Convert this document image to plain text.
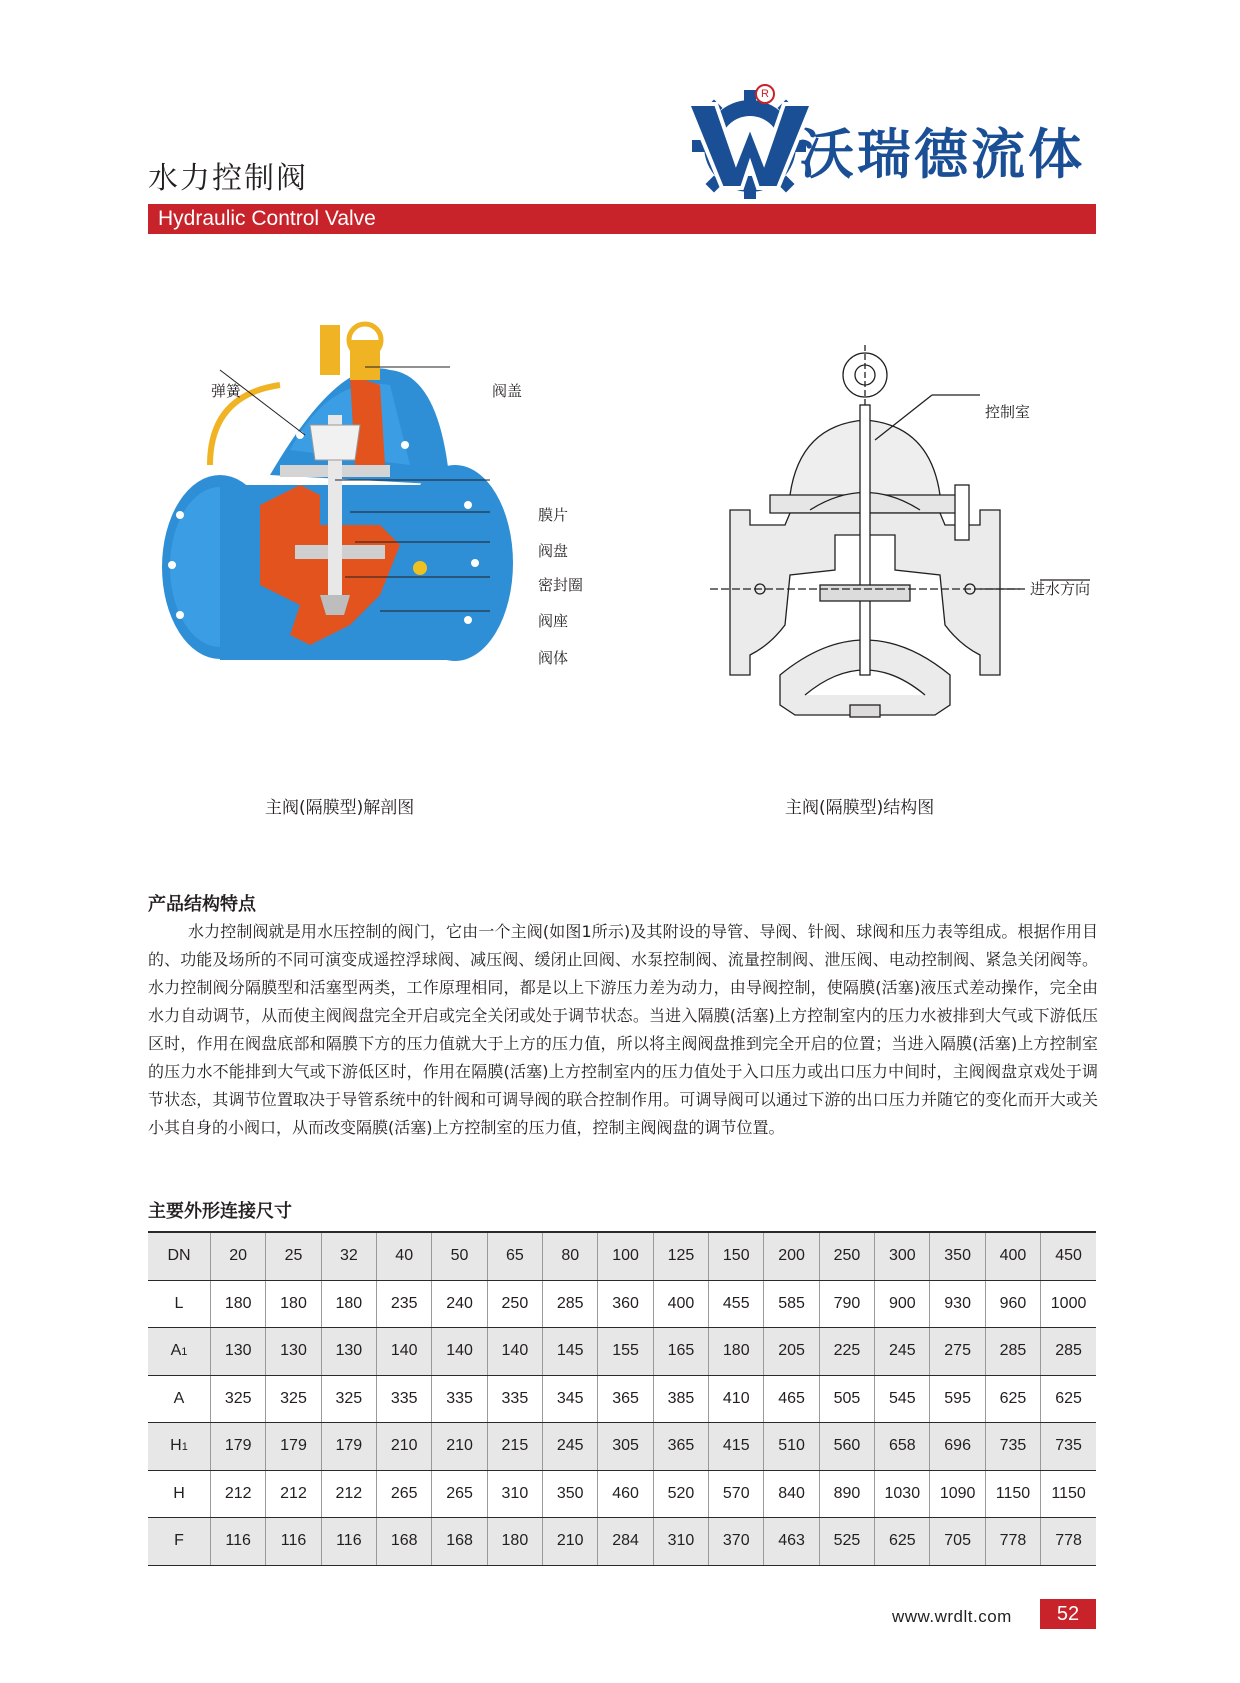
R
沃瑞德流体
水力控制阀
Hydraulic Control Valve
弹簧	阀盖
膜片
阀盘
密封圈
阀座
阀体
主阀(隔膜型)解剖图
控制室
进水方向
主阀(隔膜型)结构图
产品结构特点
水力控制阀就是用水压控制的阀门，它由一个主阀(如图1所示)及其附设的导管、导阀、针阀、球阀和压力表等组成。根据作用目的、功能及场所的不同可演变成遥控浮球阀、减压阀、缓闭止回阀、水泵控制阀、流量控制阀、泄压阀、电动控制阀、紧急关闭阀等。水力控制阀分隔膜型和活塞型两类，工作原理相同，都是以上下游压力差为动力，由导阀控制，使隔膜(活塞)液压式差动操作，完全由水力自动调节，从而使主阀阀盘完全开启或完全关闭或处于调节状态。当进入隔膜(活塞)上方控制室内的压力水被排到大气或下游低压区时，作用在阀盘底部和隔膜下方的压力值就大于上方的压力值，所以将主阀阀盘推到完全开启的位置；当进入隔膜(活塞)上方控制室的压力水不能排到大气或下游低区时，作用在隔膜(活塞)上方控制室内的压力值处于入口压力或出口压力中间时，主阀阀盘京戏处于调节状态，其调节位置取决于导管系统中的针阀和可调导阀的联合控制作用。可调导阀可以通过下游的出口压力并随它的变化而开大或关小其自身的小阀口，从而改变隔膜(活塞)上方控制室的压力值，控制主阀阀盘的调节位置。
主要外形连接尺寸
DN	20	25	32	40	50	65	80	100	125	150	200	250	300	350	400	450
L	180	180	180	235	240	250	285	360	400	455	585	790	900	930	960	1000
A1	130	130	130	140	140	140	145	155	165	180	205	225	245	275	285	285
A	325	325	325	335	335	335	345	365	385	410	465	505	545	595	625	625
H1	179	179	179	210	210	215	245	305	365	415	510	560	658	696	735	735
H	212	212	212	265	265	310	350	460	520	570	840	890	1030	1090	1150	1150
F	116	116	116	168	168	180	210	284	310	370	463	525	625	705	778	778
www.wrdlt.com	52
